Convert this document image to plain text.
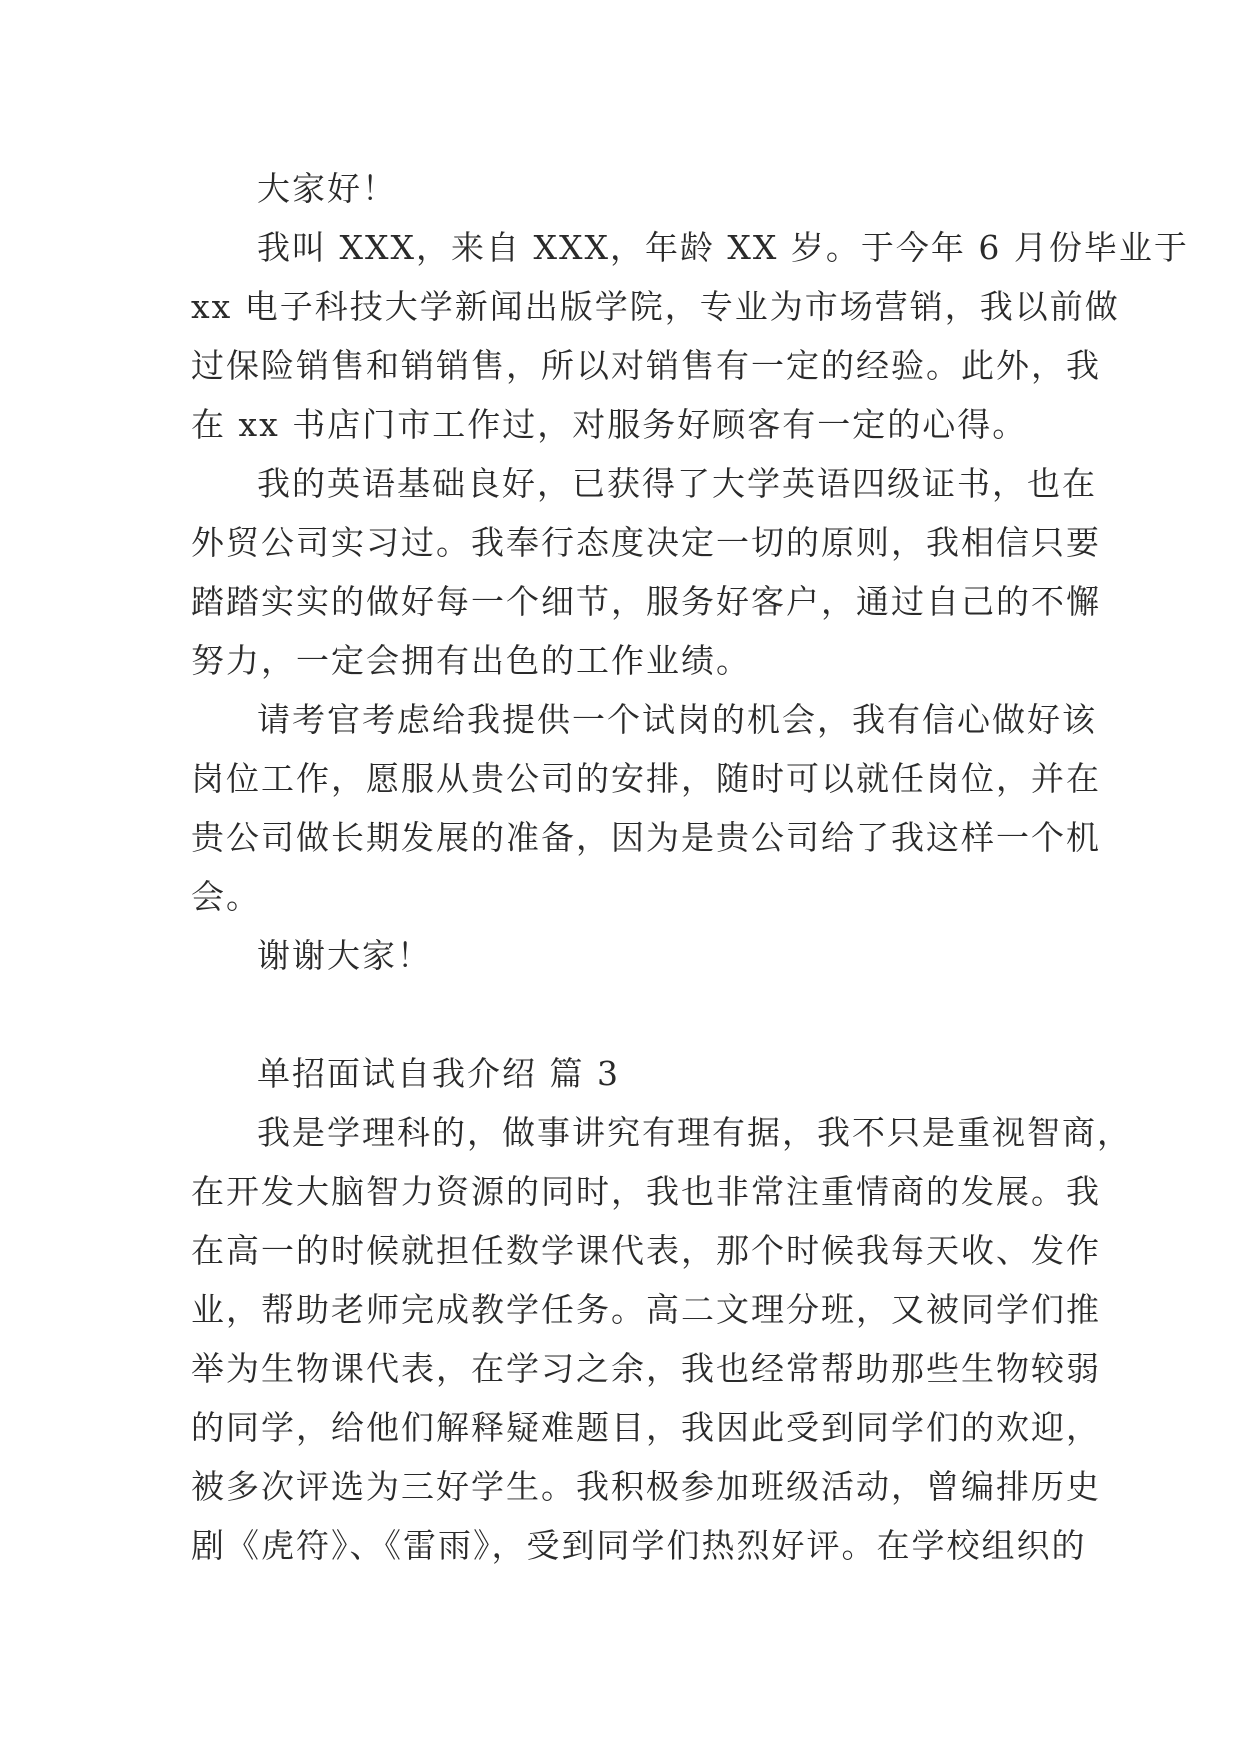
大家好！
我叫 XXX，来自 XXX，年龄 XX 岁。于今年 6 月份毕业于
xx 电子科技大学新闻出版学院，专业为市场营销，我以前做
过保险销售和销销售，所以对销售有一定的经验。此外，我
在 xx 书店门市工作过，对服务好顾客有一定的心得。
我的英语基础良好，已获得了大学英语四级证书，也在
外贸公司实习过。我奉行态度决定一切的原则，我相信只要
踏踏实实的做好每一个细节，服务好客户，通过自己的不懈
努力，一定会拥有出色的工作业绩。
请考官考虑给我提供一个试岗的机会，我有信心做好该
岗位工作，愿服从贵公司的安排，随时可以就任岗位，并在
贵公司做长期发展的准备，因为是贵公司给了我这样一个机
会。
谢谢大家！
单招面试自我介绍 篇 3
我是学理科的，做事讲究有理有据，我不只是重视智商，
在开发大脑智力资源的同时，我也非常注重情商的发展。我
在高一的时候就担任数学课代表，那个时候我每天收、发作
业，帮助老师完成教学任务。高二文理分班，又被同学们推
举为生物课代表，在学习之余，我也经常帮助那些生物较弱
的同学，给他们解释疑难题目，我因此受到同学们的欢迎，
被多次评选为三好学生。我积极参加班级活动，曾编排历史
剧《虎符》、《雷雨》，受到同学们热烈好评。在学校组织的
